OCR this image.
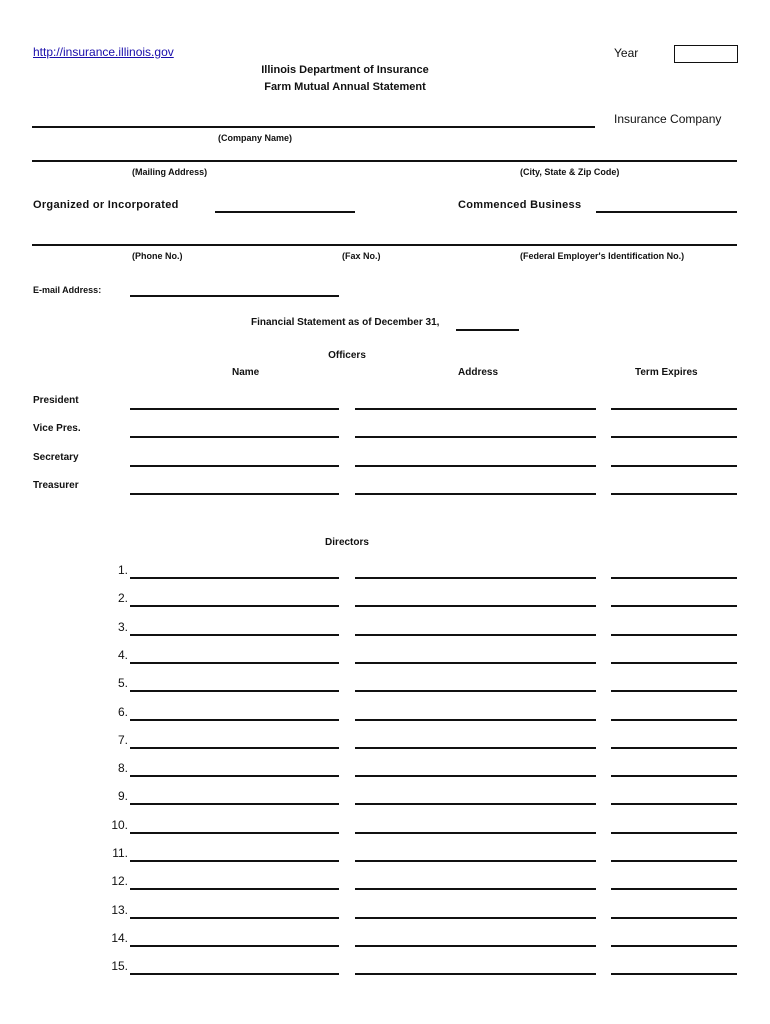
http://insurance.illinois.gov	Year
Illinois Department of Insurance
Farm Mutual Annual Statement
Insurance Company
(Company Name)
(Mailing Address)	(City, State & Zip Code)
Organized or Incorporated	Commenced Business
(Phone No.)	(Fax No.)	(Federal Employer's Identification No.)
E-mail Address:
Financial Statement as of December 31,
Officers
Name	Address	Term Expires
President
Vice Pres.
Secretary
Treasurer
Directors
1.
2.
3.
4.
5.
6.
7.
8.
9.
10.
11.
12.
13.
14.
15.
